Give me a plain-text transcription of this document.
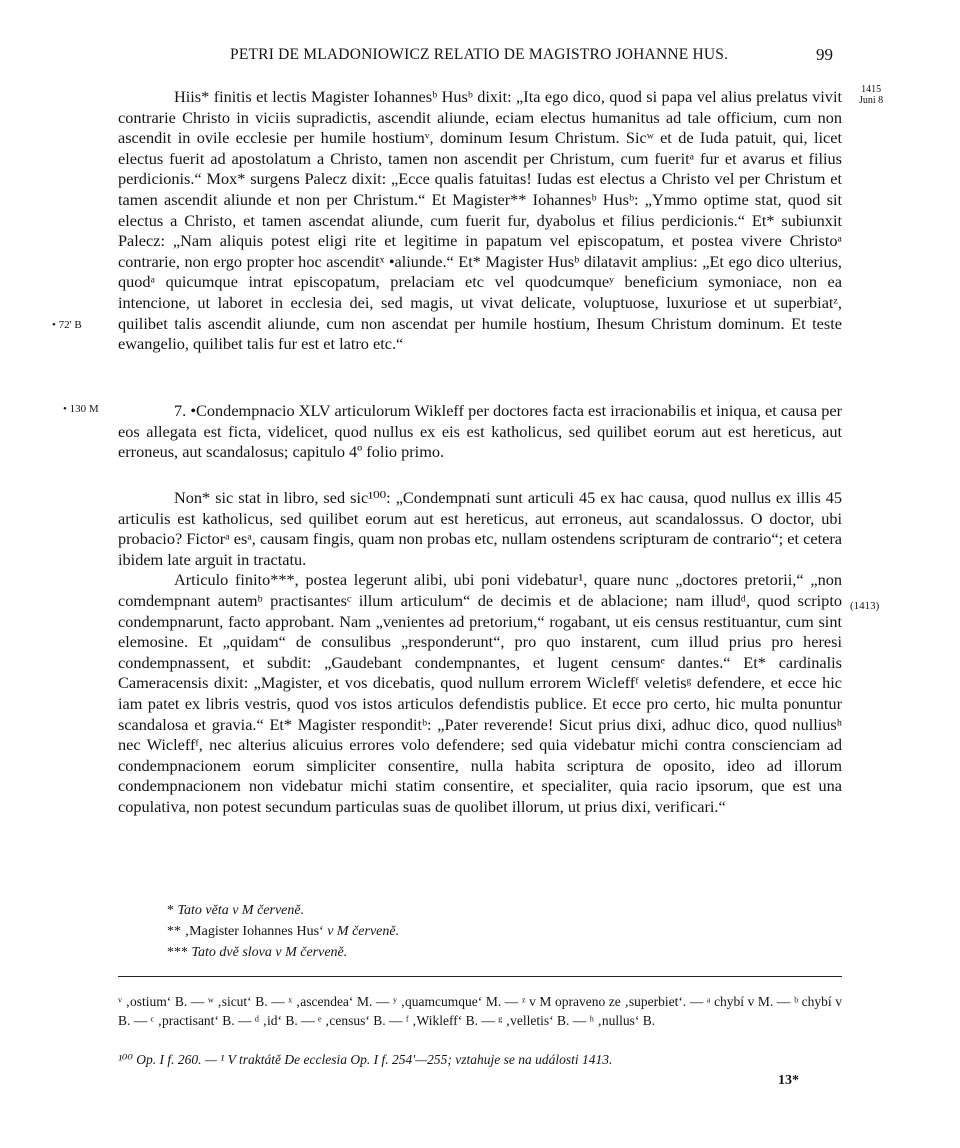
PETRI DE MLADONIOWICZ RELATIO DE MAGISTRO JOHANNE HUS.	99
1415
Juni 8
• 72' B
• 130 M
(1413)

Hiis* finitis et lectis Magister Iohannesᵇ Husᵇ dixit: „Ita ego dico, quod si papa vel alius prelatus vivit contrarie Christo in viciis supradictis, ascendit aliunde, eciam electus humanitus ad tale officium, cum non ascendit in ovile ecclesie per humile hostiumᵛ, dominum Iesum Christum. Sicʷ et de Iuda patuit, qui, licet electus fuerit ad apostolatum a Christo, tamen non ascendit per Christum, cum fueritᵃ fur et avarus et filius perdicionis.“ Mox* surgens Palecz dixit: „Ecce qualis fatuitas! Iudas est electus a Christo vel per Christum et tamen ascendit aliunde et non per Christum.“ Et Magister** Iohannesᵇ Husᵇ: „Ymmo optime stat, quod sit electus a Christo, et tamen ascendat aliunde, cum fuerit fur, dyabolus et filius perdicionis.“ Et* subiunxit Palecz: „Nam aliquis potest eligi rite et legitime in papatum vel episcopatum, et postea vivere Christoᵃ contrarie, non ergo propter hoc ascenditˣ •aliunde.“ Et* Magister Husᵇ dilatavit amplius: „Et ego dico ulterius, quodᵃ quicumque intrat episcopatum, prelaciam etc vel quodcumqueʸ beneficium symoniace, non ea intencione, ut laboret in ecclesia dei, sed magis, ut vivat delicate, voluptuose, luxuriose et ut superbiatᶻ, quilibet talis ascendit aliunde, cum non ascendat per humile hostium, Ihesum Christum dominum. Et teste ewangelio, quilibet talis fur est et latro etc.“

7. •Condempnacio XLV articulorum Wikleff per doctores facta est irracionabilis et iniqua, et causa per eos allegata est ficta, videlicet, quod nullus ex eis est katholicus, sed quilibet eorum aut est hereticus, aut erroneus, aut scandalosus; capitulo 4º folio primo.

Non* sic stat in libro, sed sic¹⁰⁰: „Condempnati sunt articuli 45 ex hac causa, quod nullus ex illis 45 articulis est katholicus, sed quilibet eorum aut est hereticus, aut erroneus, aut scandalossus. O doctor, ubi probacio? Fictorᵃ esᵃ, causam fingis, quam non probas etc, nullam ostendens scripturam de contrario“; et cetera ibidem late arguit in tractatu.

Articulo finito***, postea legerunt alibi, ubi poni videbatur¹, quare nunc „doctores pretorii,“ „non comdempnant autemᵇ practisantesᶜ illum articulum“ de decimis et de ablacione; nam illudᵈ, quod scripto condempnarunt, facto approbant. Nam „venientes ad pretorium,“ rogabant, ut eis census restituantur, cum sint elemosine. Et „quidam“ de consulibus „responderunt“, pro quo instarent, cum illud prius pro heresi condempnassent, et subdit: „Gaudebant condempnantes, et lugent censumᵉ dantes.“ Et* cardinalis Cameracensis dixit: „Magister, et vos dicebatis, quod nullum errorem Wicleffᶠ veletisᵍ defendere, et ecce hic iam patet ex libris vestris, quod vos istos articulos defendistis publice. Et ecce pro certo, hic multa ponuntur scandalosa et gravia.“ Et* Magister responditᵇ: „Pater reverende! Sicut prius dixi, adhuc dico, quod nulliusʰ nec Wicleffᶠ, nec alterius alicuius errores volo defendere; sed quia videbatur michi contra conscienciam ad condempnacionem eorum simpliciter consentire, nulla habita scriptura de oposito, ideo ad illorum condempnacionem non videbatur michi statim consentire, et specialiter, quia racio ipsorum, que est una copulativa, non potest secundum particulas suas de quolibet illorum, ut prius dixi, verificari.“

* Tato věta v M červeně.
** ‚Magister Iohannes Hus‘ v M červeně.
*** Tato dvě slova v M červeně.
ᵛ ‚ostium‘ B. — ʷ ‚sicut‘ B. — ˣ ‚ascendea‘ M. — ʸ ‚quamcumque‘ M. — ᶻ v M opraveno ze ‚superbiet‘. — ᵃ chybí v M. — ᵇ chybí v B. — ᶜ ‚practisant‘ B. — ᵈ ‚id‘ B. — ᵉ ‚census‘ B. — ᶠ ‚Wikleff‘ B. — ᵍ ‚velletis‘ B. — ʰ ‚nullus‘ B.
¹⁰⁰ Op. I f. 260. — ¹ V traktátě De ecclesia Op. I f. 254'—255; vztahuje se na události 1413.
13*
